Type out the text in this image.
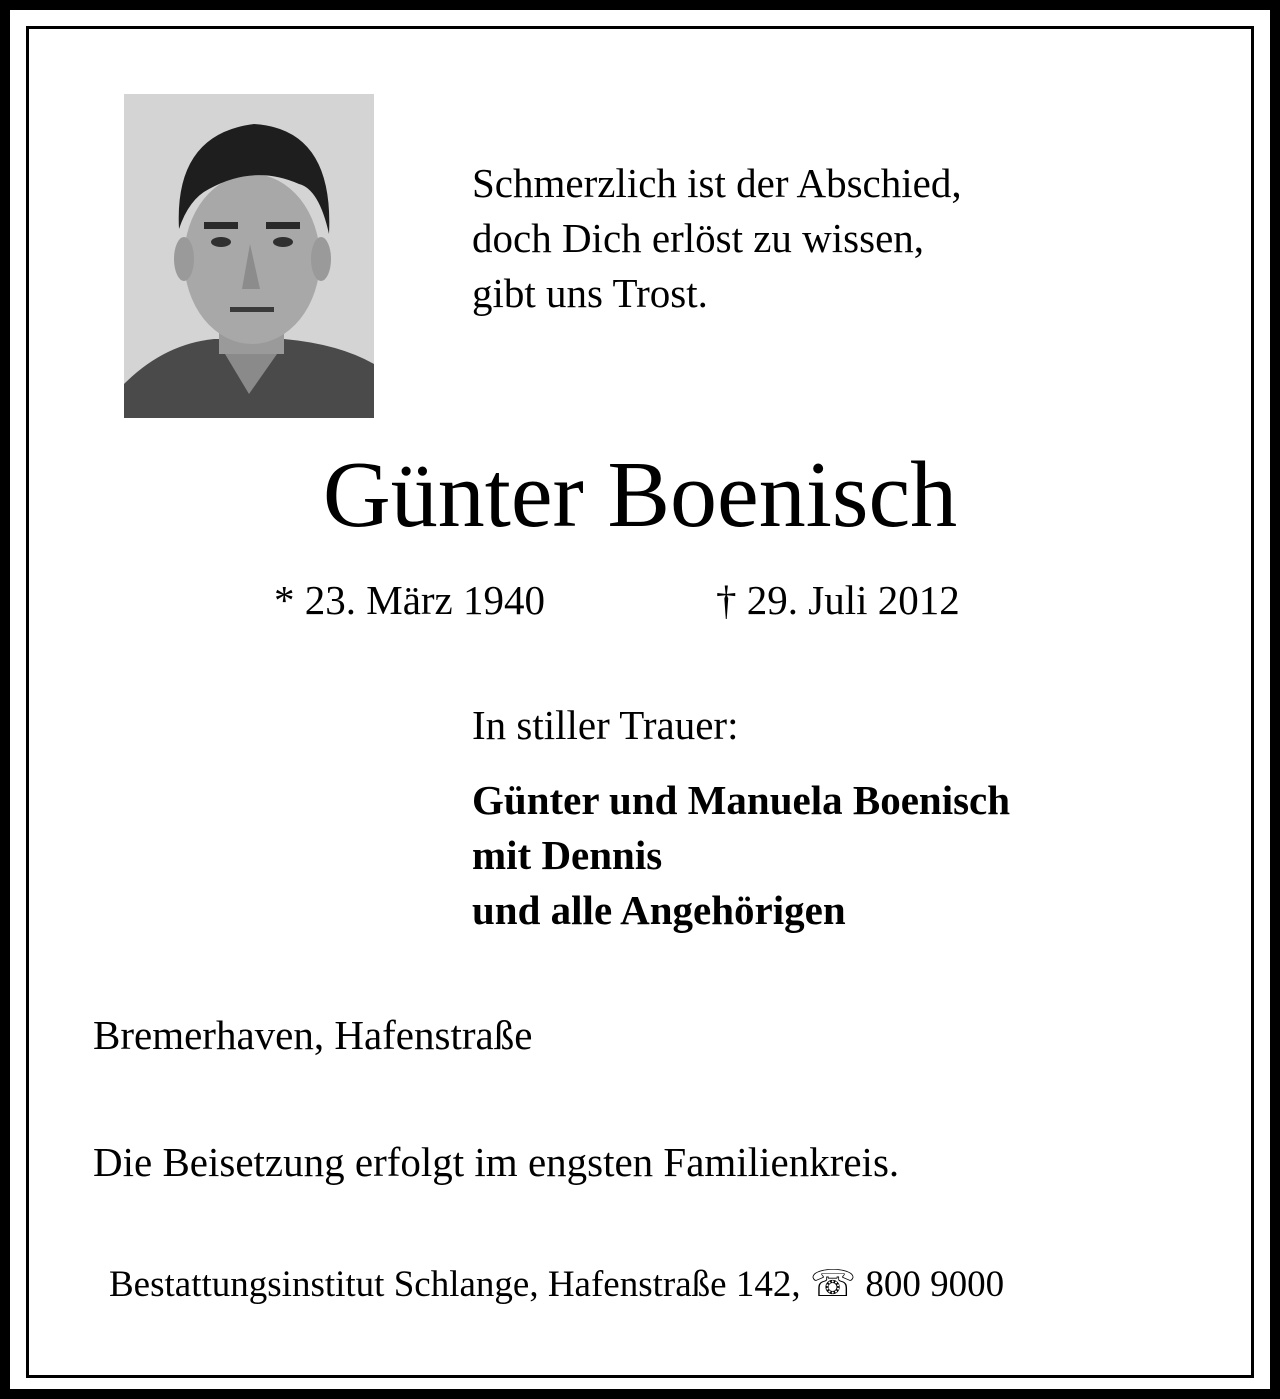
Schmerzlich ist der Abschied,
doch Dich erlöst zu wissen,
gibt uns Trost.
Günter Boenisch
* 23. März 1940	† 29. Juli 2012
In stiller Trauer:
Günter und Manuela Boenisch
mit Dennis
und alle Angehörigen
Bremerhaven, Hafenstraße
Die Beisetzung erfolgt im engsten Familienkreis.
Bestattungsinstitut Schlange, Hafenstraße 142, ☏ 800 9000
